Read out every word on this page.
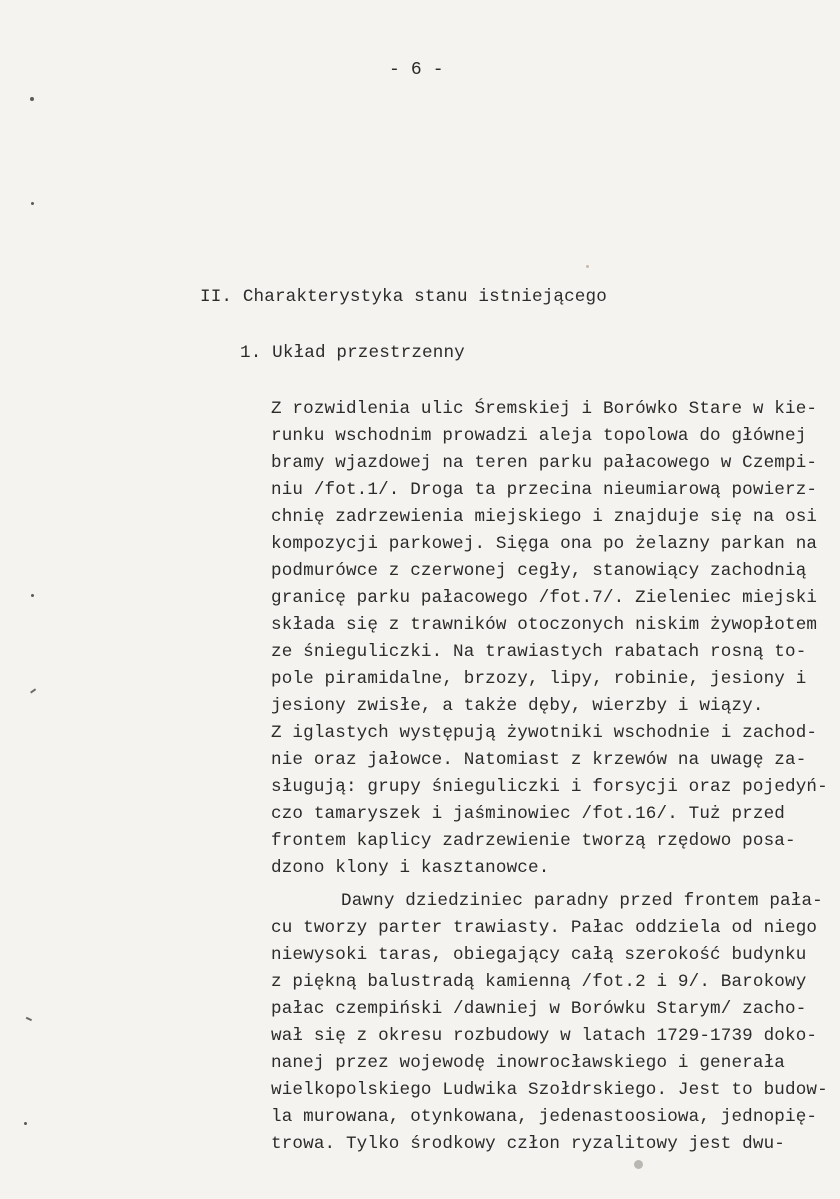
- 6 -
II. Charakterystyka stanu istniejącego
1. Układ przestrzenny
Z rozwidlenia ulic Śremskiej i Borówko Stare w kie-
runku wschodnim prowadzi aleja topolowa do głównej
bramy wjazdowej na teren parku pałacowego w Czempi-
niu /fot.1/. Droga ta przecina nieumiarową powierz-
chnię zadrzewienia miejskiego i znajduje się na osi
kompozycji parkowej. Sięga ona po żelazny parkan na
podmurówce z czerwonej cegły, stanowiący zachodnią
granicę parku pałacowego /fot.7/. Zieleniec miejski
składa się z trawników otoczonych niskim żywopłotem
ze śnieguliczki. Na trawiastych rabatach rosną to-
pole piramidalne, brzozy, lipy, robinie, jesiony i
jesiony zwisłe, a także dęby, wierzby i wiązy.
Z iglastych występują żywotniki wschodnie i zachod-
nie oraz jałowce. Natomiast z krzewów na uwagę za-
sługują: grupy śnieguliczki i forsycji oraz pojedyń-
czo tamaryszek i jaśminowiec /fot.16/. Tuż przed
frontem kaplicy zadrzewienie tworzą rzędowo posa-
dzono klony i kasztanowce.
Dawny dziedziniec paradny przed frontem pała-
cu tworzy parter trawiasty. Pałac oddziela od niego
niewysoki taras, obiegający całą szerokość budynku
z piękną balustradą kamienną /fot.2 i 9/. Barokowy
pałac czempiński /dawniej w Borówku Starym/ zacho-
wał się z okresu rozbudowy w latach 1729-1739 doko-
nanej przez wojewodę inowrocławskiego i generała
wielkopolskiego Ludwika Szołdrskiego. Jest to budow-
la murowana, otynkowana, jedenastoosiowa, jednopię-
trowa. Tylko środkowy człon ryzalitowy jest dwu-
